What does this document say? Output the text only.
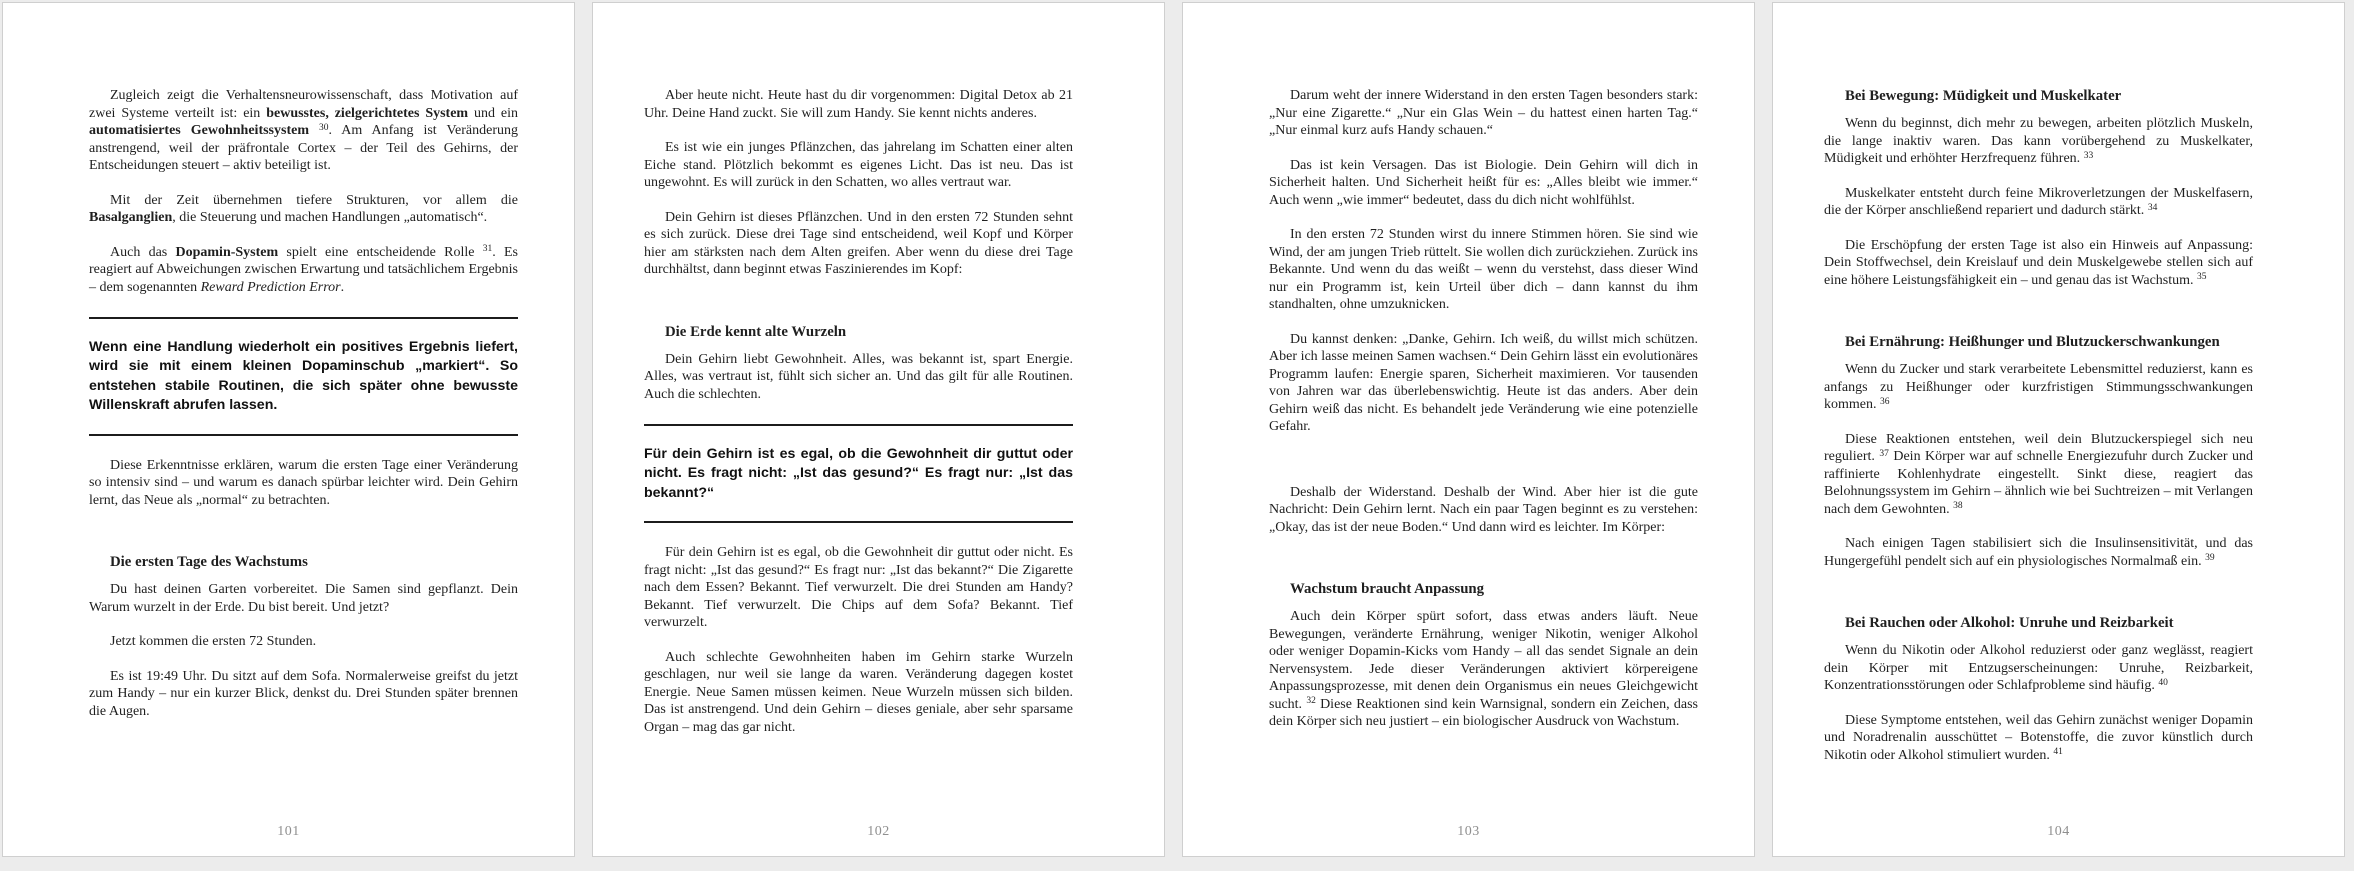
Zugleich zeigt die Verhaltensneurowissenschaft, dass Motivation auf zwei Systeme verteilt ist: ein bewusstes, zielgerichtetes System und ein automatisiertes Gewohnheitssystem $^{30}$. Am Anfang ist Veränderung anstrengend, weil der präfrontale Cortex – der Teil des Gehirns, der Entscheidungen steuert – aktiv beteiligt ist.
Mit der Zeit übernehmen tiefere Strukturen, vor allem die Basalganglien, die Steuerung und machen Handlungen „automatisch“.
Auch das Dopamin-System spielt eine entscheidende Rolle $^{31}$. Es reagiert auf Abweichungen zwischen Erwartung und tatsächlichem Ergebnis – dem sogenannten Reward Prediction Error.
Wenn eine Handlung wiederholt ein positives Ergebnis liefert, wird sie mit einem kleinen Dopaminschub „markiert“. So entstehen stabile Routinen, die sich später ohne bewusste Willenskraft abrufen lassen.
Diese Erkenntnisse erklären, warum die ersten Tage einer Veränderung so intensiv sind – und warum es danach spürbar leichter wird. Dein Gehirn lernt, das Neue als „normal“ zu betrachten.
Die ersten Tage des Wachstums
Du hast deinen Garten vorbereitet. Die Samen sind gepflanzt. Dein Warum wurzelt in der Erde. Du bist bereit. Und jetzt?
Jetzt kommen die ersten 72 Stunden.
Es ist 19:49 Uhr. Du sitzt auf dem Sofa. Normalerweise greifst du jetzt zum Handy – nur ein kurzer Blick, denkst du. Drei Stunden später brennen die Augen.
101
Aber heute nicht. Heute hast du dir vorgenommen: Digital Detox ab 21 Uhr. Deine Hand zuckt. Sie will zum Handy. Sie kennt nichts anderes.
Es ist wie ein junges Pflänzchen, das jahrelang im Schatten einer alten Eiche stand. Plötzlich bekommt es eigenes Licht. Das ist neu. Das ist ungewohnt. Es will zurück in den Schatten, wo alles vertraut war.
Dein Gehirn ist dieses Pflänzchen. Und in den ersten 72 Stunden sehnt es sich zurück. Diese drei Tage sind entscheidend, weil Kopf und Körper hier am stärksten nach dem Alten greifen. Aber wenn du diese drei Tage durchhältst, dann beginnt etwas Faszinierendes im Kopf:
Die Erde kennt alte Wurzeln
Dein Gehirn liebt Gewohnheit. Alles, was bekannt ist, spart Energie. Alles, was vertraut ist, fühlt sich sicher an. Und das gilt für alle Routinen. Auch die schlechten.
Für dein Gehirn ist es egal, ob die Gewohnheit dir guttut oder nicht. Es fragt nicht: „Ist das gesund?“ Es fragt nur: „Ist das bekannt?“
Für dein Gehirn ist es egal, ob die Gewohnheit dir guttut oder nicht. Es fragt nicht: „Ist das gesund?“ Es fragt nur: „Ist das bekannt?“ Die Zigarette nach dem Essen? Bekannt. Tief verwurzelt. Die drei Stunden am Handy? Bekannt. Tief verwurzelt. Die Chips auf dem Sofa? Bekannt. Tief verwurzelt.
Auch schlechte Gewohnheiten haben im Gehirn starke Wurzeln geschlagen, nur weil sie lange da waren. Veränderung dagegen kostet Energie. Neue Samen müssen keimen. Neue Wurzeln müssen sich bilden. Das ist anstrengend. Und dein Gehirn – dieses geniale, aber sehr sparsame Organ – mag das gar nicht.
102
Darum weht der innere Widerstand in den ersten Tagen besonders stark: „Nur eine Zigarette.“ „Nur ein Glas Wein – du hattest einen harten Tag.“ „Nur einmal kurz aufs Handy schauen.“
Das ist kein Versagen. Das ist Biologie. Dein Gehirn will dich in Sicherheit halten. Und Sicherheit heißt für es: „Alles bleibt wie immer.“ Auch wenn „wie immer“ bedeutet, dass du dich nicht wohlfühlst.
In den ersten 72 Stunden wirst du innere Stimmen hören. Sie sind wie Wind, der am jungen Trieb rüttelt. Sie wollen dich zurückziehen. Zurück ins Bekannte. Und wenn du das weißt – wenn du verstehst, dass dieser Wind nur ein Programm ist, kein Urteil über dich – dann kannst du ihm standhalten, ohne umzuknicken.
Du kannst denken: „Danke, Gehirn. Ich weiß, du willst mich schützen. Aber ich lasse meinen Samen wachsen.“ Dein Gehirn lässt ein evolutionäres Programm laufen: Energie sparen, Sicherheit maximieren. Vor tausenden von Jahren war das überlebenswichtig. Heute ist das anders. Aber dein Gehirn weiß das nicht. Es behandelt jede Veränderung wie eine potenzielle Gefahr.
Deshalb der Widerstand. Deshalb der Wind. Aber hier ist die gute Nachricht: Dein Gehirn lernt. Nach ein paar Tagen beginnt es zu verstehen: „Okay, das ist der neue Boden.“ Und dann wird es leichter. Im Körper:
Wachstum braucht Anpassung
Auch dein Körper spürt sofort, dass etwas anders läuft. Neue Bewegungen, veränderte Ernährung, weniger Nikotin, weniger Alkohol oder weniger Dopamin-Kicks vom Handy – all das sendet Signale an dein Nervensystem. Jede dieser Veränderungen aktiviert körpereigene Anpassungsprozesse, mit denen dein Organismus ein neues Gleichgewicht sucht. $^{32}$ Diese Reaktionen sind kein Warnsignal, sondern ein Zeichen, dass dein Körper sich neu justiert – ein biologischer Ausdruck von Wachstum.
103
Bei Bewegung: Müdigkeit und Muskelkater
Wenn du beginnst, dich mehr zu bewegen, arbeiten plötzlich Muskeln, die lange inaktiv waren. Das kann vorübergehend zu Muskelkater, Müdigkeit und erhöhter Herzfrequenz führen. $^{33}$
Muskelkater entsteht durch feine Mikroverletzungen der Muskelfasern, die der Körper anschließend repariert und dadurch stärkt. $^{34}$
Die Erschöpfung der ersten Tage ist also ein Hinweis auf Anpassung: Dein Stoffwechsel, dein Kreislauf und dein Muskelgewebe stellen sich auf eine höhere Leistungsfähigkeit ein – und genau das ist Wachstum. $^{35}$
Bei Ernährung: Heißhunger und Blutzuckerschwankungen
Wenn du Zucker und stark verarbeitete Lebensmittel reduzierst, kann es anfangs zu Heißhunger oder kurzfristigen Stimmungsschwankungen kommen. $^{36}$
Diese Reaktionen entstehen, weil dein Blutzuckerspiegel sich neu reguliert. $^{37}$ Dein Körper war auf schnelle Energiezufuhr durch Zucker und raffinierte Kohlenhydrate eingestellt. Sinkt diese, reagiert das Belohnungssystem im Gehirn – ähnlich wie bei Suchtreizen – mit Verlangen nach dem Gewohnten. $^{38}$
Nach einigen Tagen stabilisiert sich die Insulinsensitivität, und das Hungergefühl pendelt sich auf ein physiologisches Normalmaß ein. $^{39}$
Bei Rauchen oder Alkohol: Unruhe und Reizbarkeit
Wenn du Nikotin oder Alkohol reduzierst oder ganz weglässt, reagiert dein Körper mit Entzugserscheinungen: Unruhe, Reizbarkeit, Konzentrationsstörungen oder Schlafprobleme sind häufig. $^{40}$
Diese Symptome entstehen, weil das Gehirn zunächst weniger Dopamin und Noradrenalin ausschüttet – Botenstoffe, die zuvor künstlich durch Nikotin oder Alkohol stimuliert wurden. $^{41}$
104
